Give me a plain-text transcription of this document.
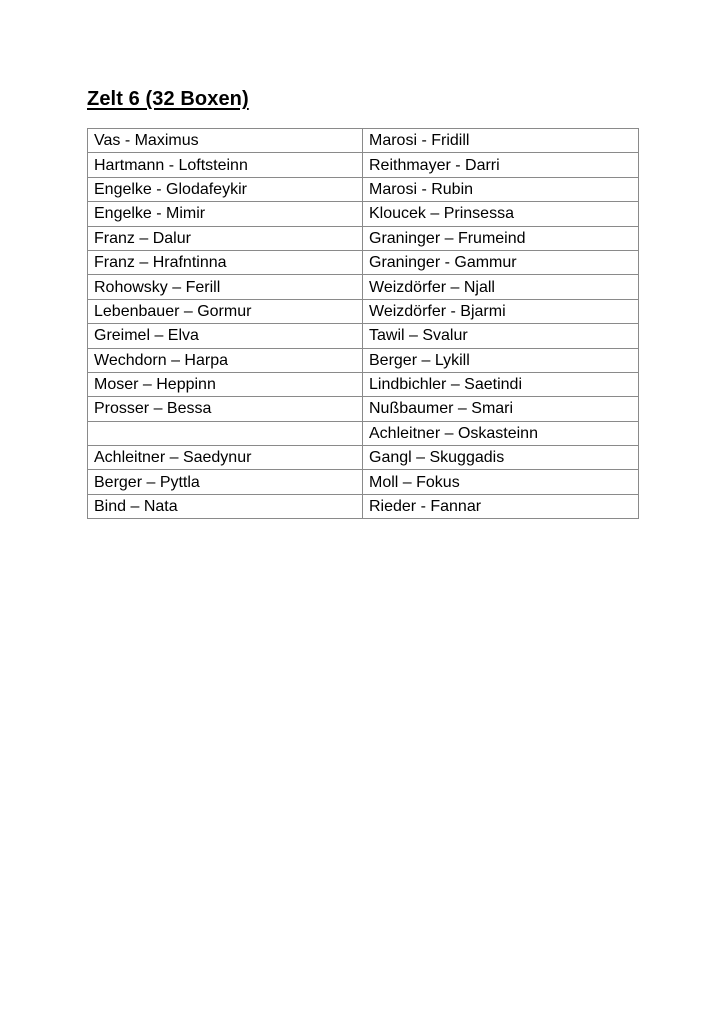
Zelt 6 (32 Boxen)
Vas - Maximus	Marosi - Fridill
Hartmann - Loftsteinn	Reithmayer - Darri
Engelke - Glodafeykir	Marosi - Rubin
Engelke - Mimir	Kloucek – Prinsessa
Franz – Dalur	Graninger – Frumeind
Franz – Hrafntinna	Graninger - Gammur
Rohowsky – Ferill	Weizdörfer – Njall
Lebenbauer – Gormur	Weizdörfer - Bjarmi
Greimel – Elva	Tawil – Svalur
Wechdorn – Harpa	Berger – Lykill
Moser – Heppinn	Lindbichler – Saetindi
Prosser – Bessa	Nußbaumer – Smari
	Achleitner – Oskasteinn
Achleitner – Saedynur	Gangl – Skuggadis
Berger – Pyttla	Moll – Fokus
Bind – Nata	Rieder - Fannar
